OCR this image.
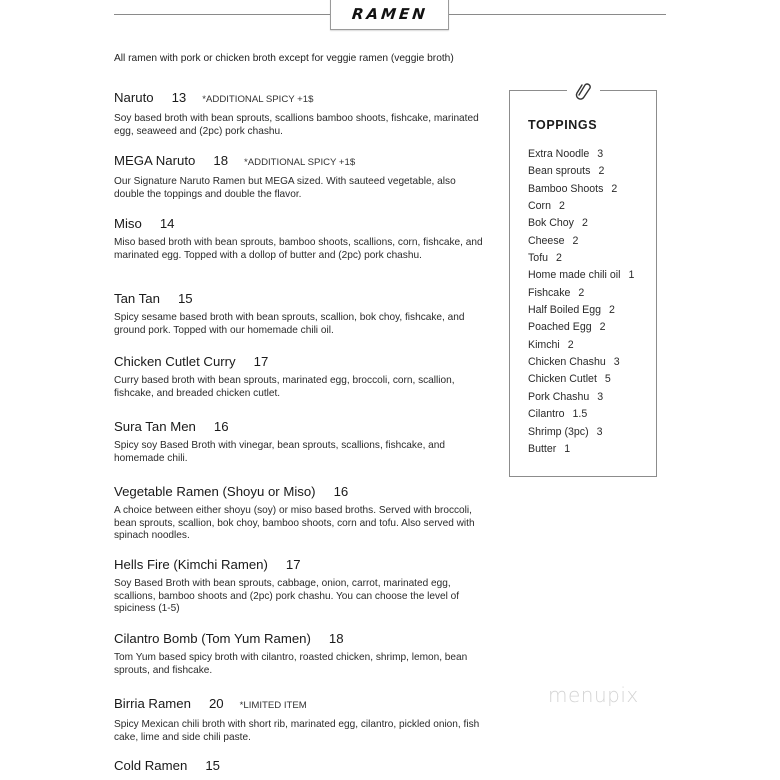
RAMEN
All ramen with pork or chicken broth except for veggie ramen (veggie broth)
Naruto 13 *ADDITIONAL SPICY +1$
Soy based broth with bean sprouts, scallions bamboo shoots, fishcake, marinated egg, seaweed and (2pc) pork chashu.
MEGA Naruto 18 *ADDITIONAL SPICY +1$
Our Signature Naruto Ramen but MEGA sized. With sauteed vegetable, also double the toppings and double the flavor.
Miso 14
Miso based broth with bean sprouts, bamboo shoots, scallions, corn, fishcake, and marinated egg. Topped with a dollop of butter and (2pc) pork chashu.
Tan Tan 15
Spicy sesame based broth with bean sprouts, scallion, bok choy, fishcake, and ground pork. Topped with our homemade chili oil.
Chicken Cutlet Curry 17
Curry based broth with bean sprouts, marinated egg, broccoli, corn, scallion, fishcake, and breaded chicken cutlet.
Sura Tan Men 16
Spicy soy Based Broth with vinegar, bean sprouts, scallions, fishcake, and homemade chili.
Vegetable Ramen (Shoyu or Miso) 16
A choice between either shoyu (soy) or miso based broths. Served with broccoli, bean sprouts, scallion, bok choy, bamboo shoots, corn and tofu. Also served with spinach noodles.
Hells Fire (Kimchi Ramen) 17
Soy Based Broth with bean sprouts, cabbage, onion, carrot, marinated egg, scallions, bamboo shoots and (2pc) pork chashu. You can choose the level of spiciness (1-5)
Cilantro Bomb (Tom Yum Ramen) 18
Tom Yum based spicy broth with cilantro, roasted chicken, shrimp, lemon, bean sprouts, and fishcake.
Birria Ramen 20 *LIMITED ITEM
Spicy Mexican chili broth with short rib, marinated egg, cilantro, pickled onion, fish cake, lime and side chili paste.
Cold Ramen 15
TOPPINGS
Extra Noodle 3
Bean sprouts 2
Bamboo Shoots 2
Corn 2
Bok Choy 2
Cheese 2
Tofu 2
Home made chili oil 1
Fishcake 2
Half Boiled Egg 2
Poached Egg 2
Kimchi 2
Chicken Chashu 3
Chicken Cutlet 5
Pork Chashu 3
Cilantro 1.5
Shrimp (3pc) 3
Butter 1
menupix
